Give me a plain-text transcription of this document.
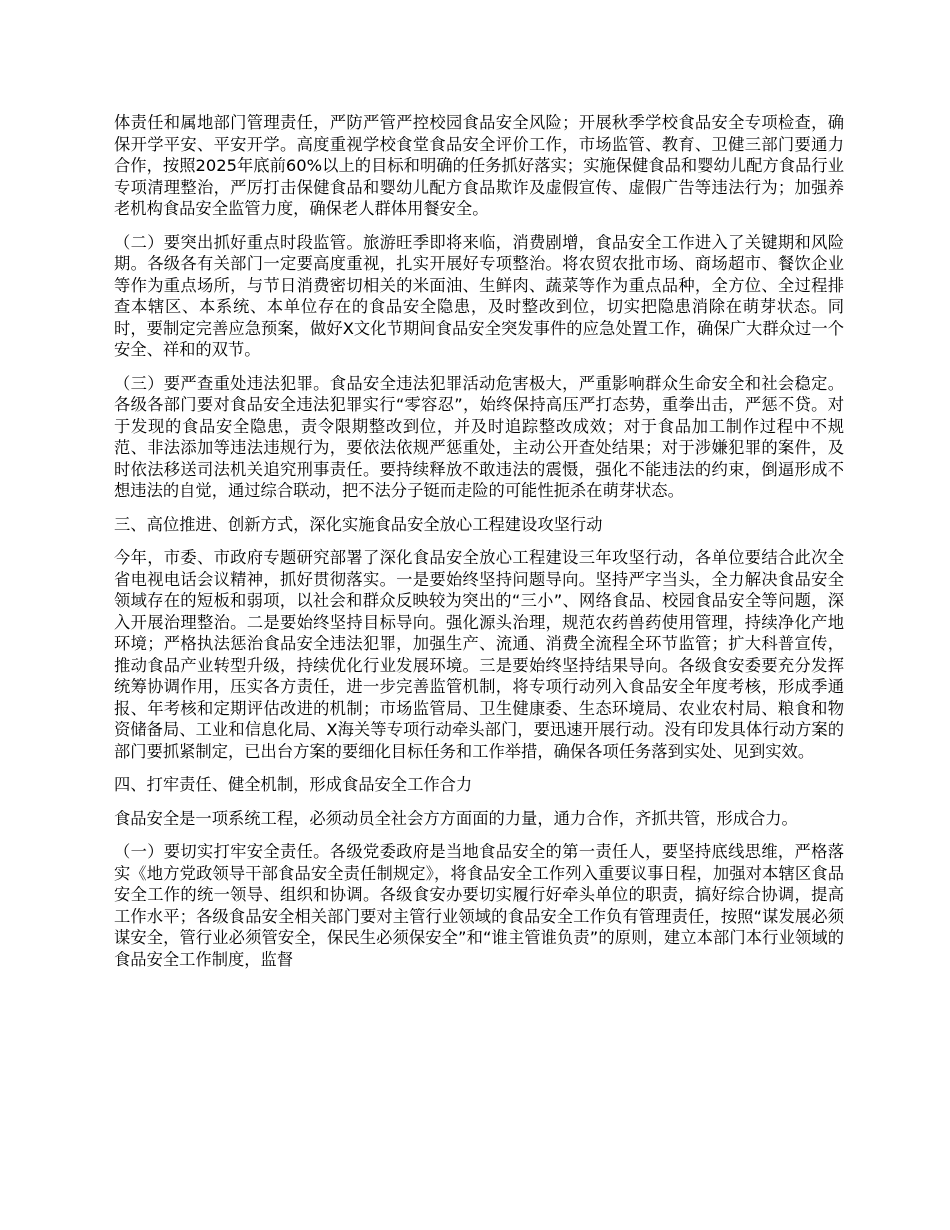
体责任和属地部门管理责任，严防严管严控校园食品安全风险；开展秋季学校食品安全专项检查，确保开学平安、平安开学。高度重视学校食堂食品安全评价工作，市场监管、教育、卫健三部门要通力合作，按照2025年底前60%以上的目标和明确的任务抓好落实；实施保健食品和婴幼儿配方食品行业专项清理整治，严厉打击保健食品和婴幼儿配方食品欺诈及虚假宣传、虚假广告等违法行为；加强养老机构食品安全监管力度，确保老人群体用餐安全。

（二）要突出抓好重点时段监管。旅游旺季即将来临，消费剧增，食品安全工作进入了关键期和风险期。各级各有关部门一定要高度重视，扎实开展好专项整治。将农贸农批市场、商场超市、餐饮企业等作为重点场所，与节日消费密切相关的米面油、生鲜肉、蔬菜等作为重点品种，全方位、全过程排查本辖区、本系统、本单位存在的食品安全隐患，及时整改到位，切实把隐患消除在萌芽状态。同时，要制定完善应急预案，做好X文化节期间食品安全突发事件的应急处置工作，确保广大群众过一个安全、祥和的双节。

（三）要严查重处违法犯罪。食品安全违法犯罪活动危害极大，严重影响群众生命安全和社会稳定。各级各部门要对食品安全违法犯罪实行“零容忍”，始终保持高压严打态势，重拳出击，严惩不贷。对于发现的食品安全隐患，责令限期整改到位，并及时追踪整改成效；对于食品加工制作过程中不规范、非法添加等违法违规行为，要依法依规严惩重处，主动公开查处结果；对于涉嫌犯罪的案件，及时依法移送司法机关追究刑事责任。要持续释放不敢违法的震慑，强化不能违法的约束，倒逼形成不想违法的自觉，通过综合联动，把不法分子铤而走险的可能性扼杀在萌芽状态。

三、高位推进、创新方式，深化实施食品安全放心工程建设攻坚行动

今年，市委、市政府专题研究部署了深化食品安全放心工程建设三年攻坚行动，各单位要结合此次全省电视电话会议精神，抓好贯彻落实。一是要始终坚持问题导向。坚持严字当头，全力解决食品安全领域存在的短板和弱项，以社会和群众反映较为突出的“三小”、网络食品、校园食品安全等问题，深入开展治理整治。二是要始终坚持目标导向。强化源头治理，规范农药兽药使用管理，持续净化产地环境；严格执法惩治食品安全违法犯罪，加强生产、流通、消费全流程全环节监管；扩大科普宣传，推动食品产业转型升级，持续优化行业发展环境。三是要始终坚持结果导向。各级食安委要充分发挥统筹协调作用，压实各方责任，进一步完善监管机制，将专项行动列入食品安全年度考核，形成季通报、年考核和定期评估改进的机制；市场监管局、卫生健康委、生态环境局、农业农村局、粮食和物资储备局、工业和信息化局、X海关等专项行动牵头部门，要迅速开展行动。没有印发具体行动方案的部门要抓紧制定，已出台方案的要细化目标任务和工作举措，确保各项任务落到实处、见到实效。

四、打牢责任、健全机制，形成食品安全工作合力

食品安全是一项系统工程，必须动员全社会方方面面的力量，通力合作，齐抓共管，形成合力。

（一）要切实打牢安全责任。各级党委政府是当地食品安全的第一责任人，要坚持底线思维，严格落实《地方党政领导干部食品安全责任制规定》，将食品安全工作列入重要议事日程，加强对本辖区食品安全工作的统一领导、组织和协调。各级食安办要切实履行好牵头单位的职责，搞好综合协调，提高工作水平；各级食品安全相关部门要对主管行业领域的食品安全工作负有管理责任，按照“谋发展必须谋安全，管行业必须管安全，保民生必须保安全”和“谁主管谁负责”的原则，建立本部门本行业领域的食品安全工作制度，监督
